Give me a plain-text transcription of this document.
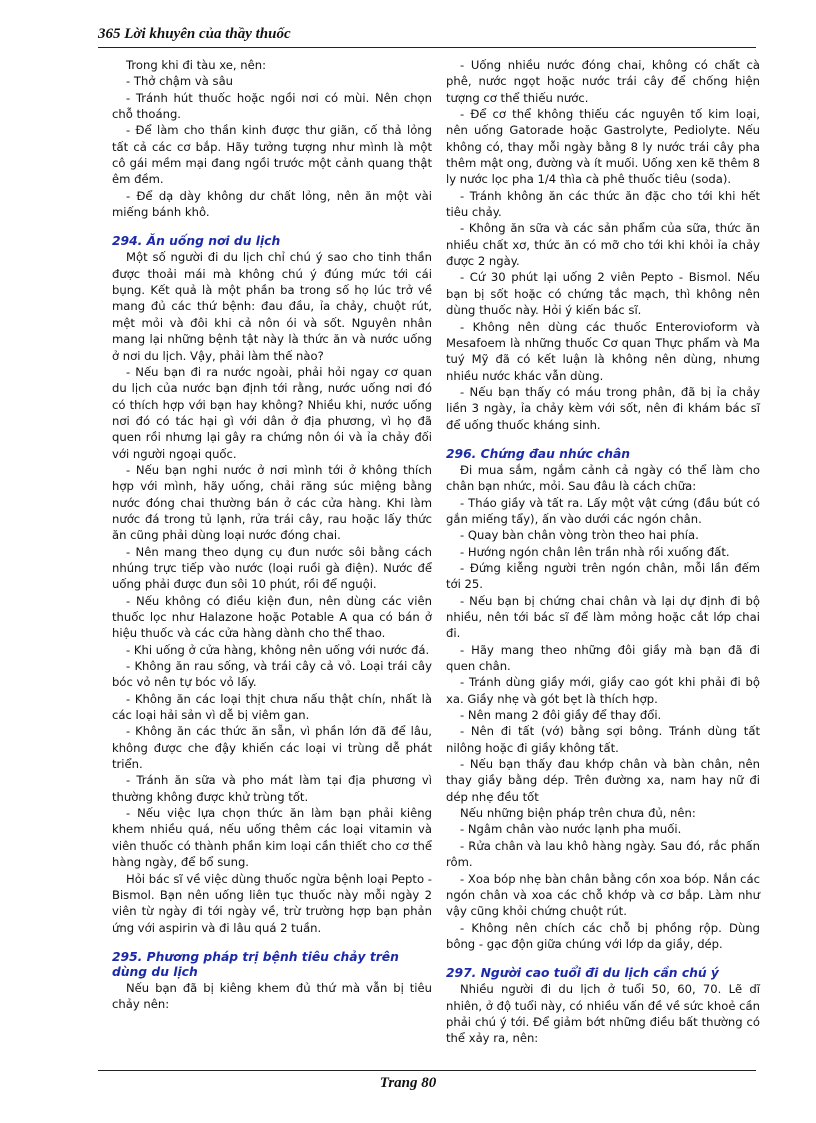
365 Lời khuyên của thầy thuốc
Trong khi đi tàu xe, nên:
- Thở chậm và sâu
- Tránh hút thuốc hoặc ngồi nơi có mùi. Nên chọn chỗ thoáng.
- Để làm cho thần kinh được thư giãn, cố thả lỏng tất cả các cơ bắp. Hãy tưởng tượng như mình là một cô gái mềm mại đang ngồi trước một cảnh quang thật êm đềm.
- Để dạ dày không dư chất lỏng, nên ăn một vài miếng bánh khô.
294. Ăn uống nơi du lịch
Một số người đi du lịch chỉ chú ý sao cho tinh thần được thoải mái mà không chú ý đúng mức tới cái bụng. Kết quả là một phần ba trong số họ lúc trở về mang đủ các thứ bệnh: đau đầu, ỉa chảy, chuột rút, mệt mỏi và đôi khi cả nôn ói và sốt. Nguyên nhân mang lại những bệnh tật này là thức ăn và nước uống ở nơi du lịch. Vậy, phải làm thế nào?
- Nếu bạn đi ra nước ngoài, phải hỏi ngay cơ quan du lịch của nước bạn định tới rằng, nước uống nơi đó có thích hợp với bạn hay không? Nhiều khi, nước uống nơi đó có tác hại gì với dân ở địa phương, vì họ đã quen rồi nhưng lại gây ra chứng nôn ói và ỉa chảy đối với người ngoại quốc.
- Nếu bạn nghi nước ở nơi mình tới ở không thích hợp với mình, hãy uống, chải răng súc miệng bằng nước đóng chai thường bán ở các cửa hàng. Khi làm nước đá trong tủ lạnh, rửa trái cây, rau hoặc lấy thức ăn cũng phải dùng loại nước đóng chai.
- Nên mang theo dụng cụ đun nước sôi bằng cách nhúng trực tiếp vào nước (loại ruồi gà điện). Nước để uống phải được đun sôi 10 phút, rồi để nguội.
- Nếu không có điều kiện đun, nên dùng các viên thuốc lọc như Halazone hoặc Potable A qua có bán ở hiệu thuốc và các cửa hàng dành cho thể thao.
- Khi uống ở cửa hàng, không nên uống với nước đá.
- Không ăn rau sống, và trái cây cả vỏ. Loại trái cây bóc vỏ nên tự bóc vỏ lấy.
- Không ăn các loại thịt chưa nấu thật chín, nhất là các loại hải sản vì dễ bị viêm gan.
- Không ăn các thức ăn sẵn, vì phần lớn đã để lâu, không được che đậy khiến các loại vi trùng dễ phát triển.
- Tránh ăn sữa và pho mát làm tại địa phương vì thường không được khử trùng tốt.
- Nếu việc lựa chọn thức ăn làm bạn phải kiêng khem nhiều quá, nếu uống thêm các loại vitamin và viên thuốc có thành phần kim loại cần thiết cho cơ thể hàng ngày, để bổ sung.
Hỏi bác sĩ về việc dùng thuốc ngừa bệnh loại Pepto - Bismol. Bạn nên uống liên tục thuốc này mỗi ngày 2 viên từ ngày đi tới ngày về, trừ trường hợp bạn phản ứng với aspirin và đi lâu quá 2 tuần.
295. Phương pháp trị bệnh tiêu chảy trên dùng du lịch
Nếu bạn đã bị kiêng khem đủ thứ mà vẫn bị tiêu chảy nên:
- Uống nhiều nước đóng chai, không có chất cà phê, nước ngọt hoặc nước trái cây để chống hiện tượng cơ thể thiếu nước.
- Để cơ thể không thiếu các nguyên tố kim loại, nên uống Gatorade hoặc Gastrolyte, Pediolyte. Nếu không có, thay mỗi ngày bằng 8 ly nước trái cây pha thêm mật ong, đường và ít muối. Uống xen kẽ thêm 8 ly nước lọc pha 1/4 thìa cà phê thuốc tiêu (soda).
- Tránh không ăn các thức ăn đặc cho tới khi hết tiêu chảy.
- Không ăn sữa và các sản phẩm của sữa, thức ăn nhiều chất xơ, thức ăn có mỡ cho tới khi khỏi ỉa chảy được 2 ngày.
- Cứ 30 phút lại uống 2 viên Pepto - Bismol. Nếu bạn bị sốt hoặc có chứng tắc mạch, thì không nên dùng thuốc này. Hỏi ý kiến bác sĩ.
- Không nên dùng các thuốc Enterovioform và Mesafoem là những thuốc Cơ quan Thực phẩm và Ma tuý Mỹ đã có kết luận là không nên dùng, nhưng nhiều nước khác vẫn dùng.
- Nếu bạn thấy có máu trong phân, đã bị ỉa chảy liền 3 ngày, ỉa chảy kèm với sốt, nên đi khám bác sĩ để uống thuốc kháng sinh.
296. Chứng đau nhức chân
Đi mua sắm, ngắm cảnh cả ngày có thể làm cho chân bạn nhức, mỏi. Sau đâu là cách chữa:
- Tháo giầy và tất ra. Lấy một vật cứng (đầu bút có gắn miếng tẩy), ấn vào dưới các ngón chân.
- Quay bàn chân vòng tròn theo hai phía.
- Hướng ngón chân lên trần nhà rồi xuống đất.
- Đứng kiễng người trên ngón chân, mỗi lần đếm tới 25.
- Nếu bạn bị chứng chai chân và lại dự định đi bộ nhiều, nên tới bác sĩ để làm mỏng hoặc cắt lớp chai đi.
- Hãy mang theo những đôi giầy mà bạn đã đi quen chân.
- Tránh dùng giầy mới, giầy cao gót khi phải đi bộ xa. Giầy nhẹ và gót bẹt là thích hợp.
- Nên mang 2 đôi giầy để thay đổi.
- Nên đi tất (vớ) bằng sợi bông. Tránh dùng tất nilông hoặc đi giầy không tất.
- Nếu bạn thấy đau khớp chân và bàn chân, nên thay giầy bằng dép. Trên đường xa, nam hay nữ đi dép nhẹ đều tốt
Nếu những biện pháp trên chưa đủ, nên:
- Ngâm chân vào nước lạnh pha muối.
- Rửa chân và lau khô hàng ngày. Sau đó, rắc phấn rôm.
- Xoa bóp nhẹ bàn chân bằng cồn xoa bóp. Nắn các ngón chân và xoa các chỗ khớp và cơ bắp. Làm như vậy cũng khỏi chứng chuột rút.
- Không nên chích các chỗ bị phồng rộp. Dùng bông - gạc độn giữa chúng với lớp da giầy, dép.
297. Người cao tuổi đi du lịch cần chú ý
Nhiều người đi du lịch ở tuổi 50, 60, 70. Lẽ dĩ nhiên, ở độ tuổi này, có nhiều vấn đề về sức khoẻ cần phải chú ý tới. Để giảm bớt những điều bất thường có thể xảy ra, nên:
Trang 80
